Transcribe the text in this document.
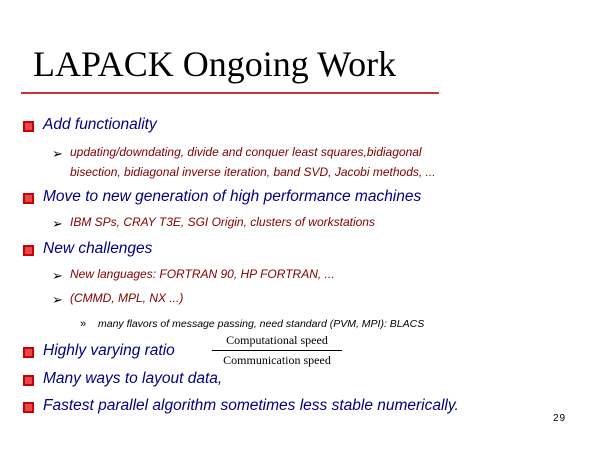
LAPACK Ongoing Work
Add functionality
➢ updating/downdating, divide and conquer least squares,bidiagonal
bisection, bidiagonal inverse iteration, band SVD, Jacobi methods, ...
Move to new generation of high performance machines
➢ IBM SPs, CRAY T3E, SGI Origin, clusters of workstations
New challenges
➢ New languages: FORTRAN 90, HP FORTRAN, ...
➢ (CMMD, MPL, NX ...)
» many flavors of message passing, need standard (PVM, MPI): BLACS
Highly varying ratio
Computational speed
Communication speed
Many ways to layout data,
Fastest parallel algorithm sometimes less stable numerically.
29
